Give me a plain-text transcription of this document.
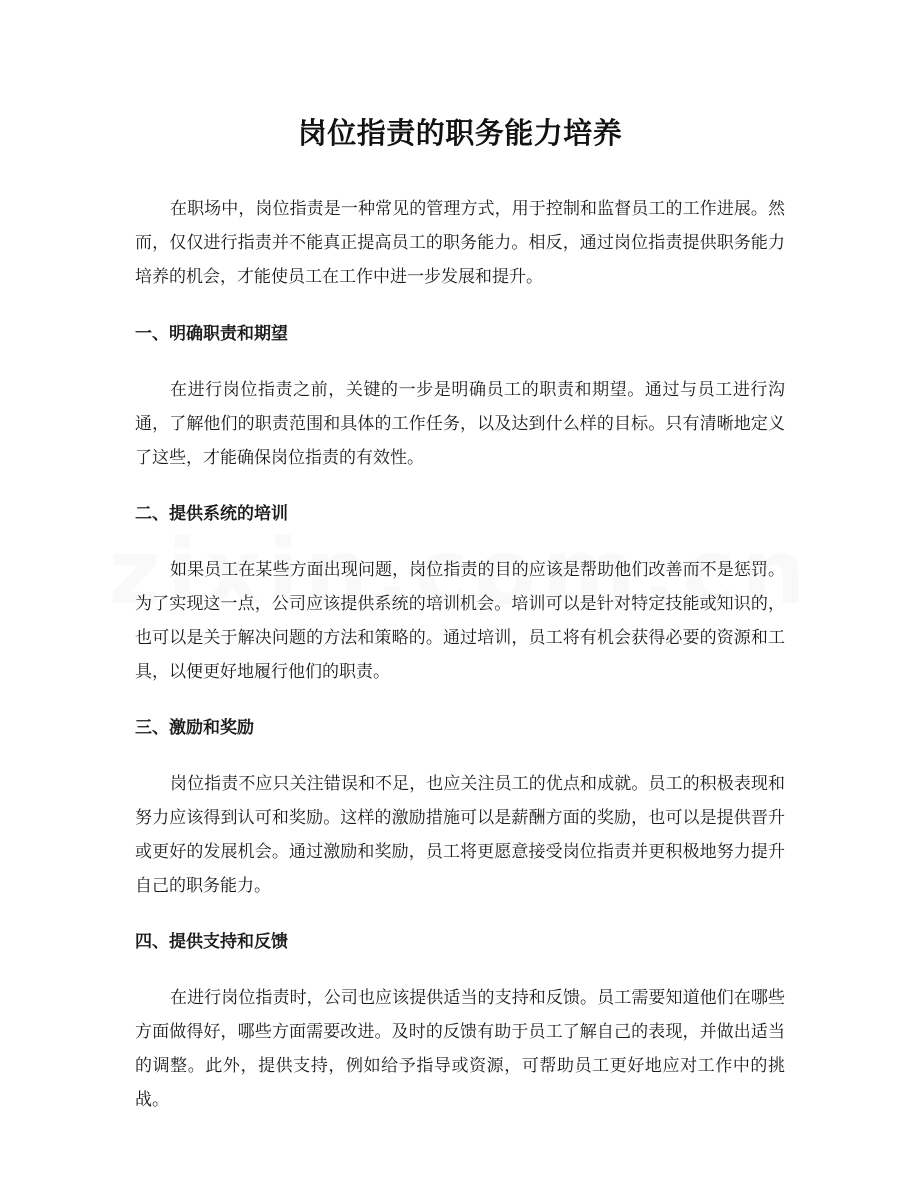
岗位指责的职务能力培养

在职场中，岗位指责是一种常见的管理方式，用于控制和监督员工的工作进展。然而，仅仅进行指责并不能真正提高员工的职务能力。相反，通过岗位指责提供职务能力培养的机会，才能使员工在工作中进一步发展和提升。

一、明确职责和期望

在进行岗位指责之前，关键的一步是明确员工的职责和期望。通过与员工进行沟通，了解他们的职责范围和具体的工作任务，以及达到什么样的目标。只有清晰地定义了这些，才能确保岗位指责的有效性。

二、提供系统的培训

如果员工在某些方面出现问题，岗位指责的目的应该是帮助他们改善而不是惩罚。为了实现这一点，公司应该提供系统的培训机会。培训可以是针对特定技能或知识的，也可以是关于解决问题的方法和策略的。通过培训，员工将有机会获得必要的资源和工具，以便更好地履行他们的职责。

三、激励和奖励

岗位指责不应只关注错误和不足，也应关注员工的优点和成就。员工的积极表现和努力应该得到认可和奖励。这样的激励措施可以是薪酬方面的奖励，也可以是提供晋升或更好的发展机会。通过激励和奖励，员工将更愿意接受岗位指责并更积极地努力提升自己的职务能力。

四、提供支持和反馈

在进行岗位指责时，公司也应该提供适当的支持和反馈。员工需要知道他们在哪些方面做得好，哪些方面需要改进。及时的反馈有助于员工了解自己的表现，并做出适当的调整。此外，提供支持，例如给予指导或资源，可帮助员工更好地应对工作中的挑战。
